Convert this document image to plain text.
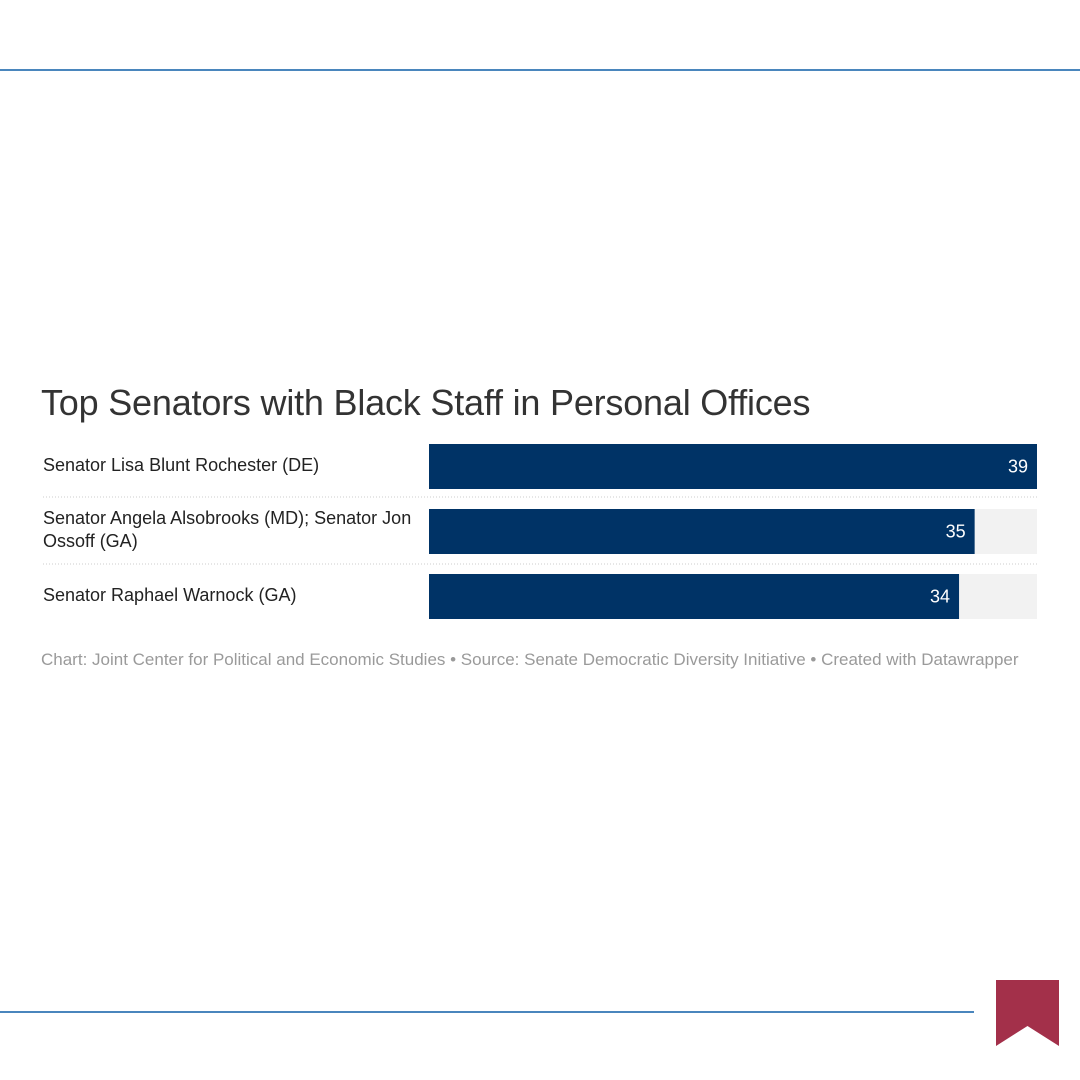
Top Senators with Black Staff in Personal Offices
Senator Lisa Blunt Rochester (DE)
Senator Angela Alsobrooks (MD); Senator Jon Ossoff (GA)
Senator Raphael Warnock (GA)
39
35
34
Chart: Joint Center for Political and Economic Studies • Source: Senate Democratic Diversity Initiative • Created with Datawrapper
